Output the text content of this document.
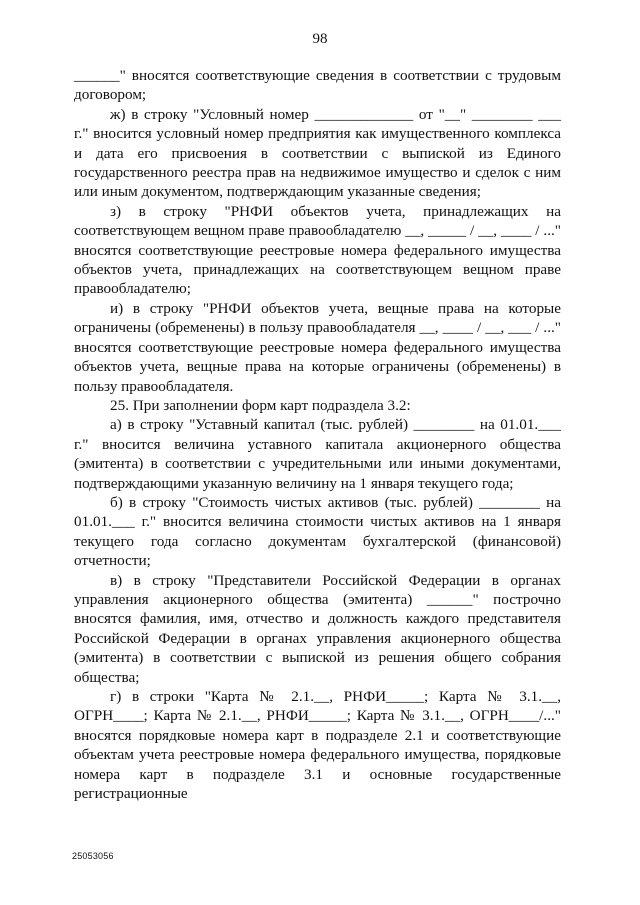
98

______" вносятся соответствующие сведения в соответствии с трудовым договором;

ж) в строку "Условный номер _____________ от "__" ________ ___ г." вносится условный номер предприятия как имущественного комплекса и дата его присвоения в соответствии с выпиской из Единого государственного реестра прав на недвижимое имущество и сделок с ним или иным документом, подтверждающим указанные сведения;

з) в строку "РНФИ объектов учета, принадлежащих на соответствующем вещном праве правообладателю __, _____ / __, ____ / ..." вносятся соответствующие реестровые номера федерального имущества объектов учета, принадлежащих на соответствующем вещном праве правообладателю;

и) в строку "РНФИ объектов учета, вещные права на которые ограничены (обременены) в пользу правообладателя __, ____ / __, ___ / ..." вносятся соответствующие реестровые номера федерального имущества объектов учета, вещные права на которые ограничены (обременены) в пользу правообладателя.

25. При заполнении форм карт подраздела 3.2:

а) в строку "Уставный капитал (тыс. рублей) ________ на 01.01.___ г." вносится величина уставного капитала акционерного общества (эмитента) в соответствии с учредительными или иными документами, подтверждающими указанную величину на 1 января текущего года;

б) в строку "Стоимость чистых активов (тыс. рублей) ________ на 01.01.___ г." вносится величина стоимости чистых активов на 1 января текущего года согласно документам бухгалтерской (финансовой) отчетности;

в) в строку "Представители Российской Федерации в органах управления акционерного общества (эмитента) ______" построчно вносятся фамилия, имя, отчество и должность каждого представителя Российской Федерации в органах управления акционерного общества (эмитента) в соответствии с выпиской из решения общего собрания общества;

г) в строки "Карта № 2.1.__, РНФИ_____; Карта № 3.1.__, ОГРН____; Карта № 2.1.__, РНФИ_____; Карта № 3.1.__, ОГРН____/..." вносятся порядковые номера карт в подразделе 2.1 и соответствующие объектам учета реестровые номера федерального имущества, порядковые номера карт в подразделе 3.1 и основные государственные регистрационные

25053056
